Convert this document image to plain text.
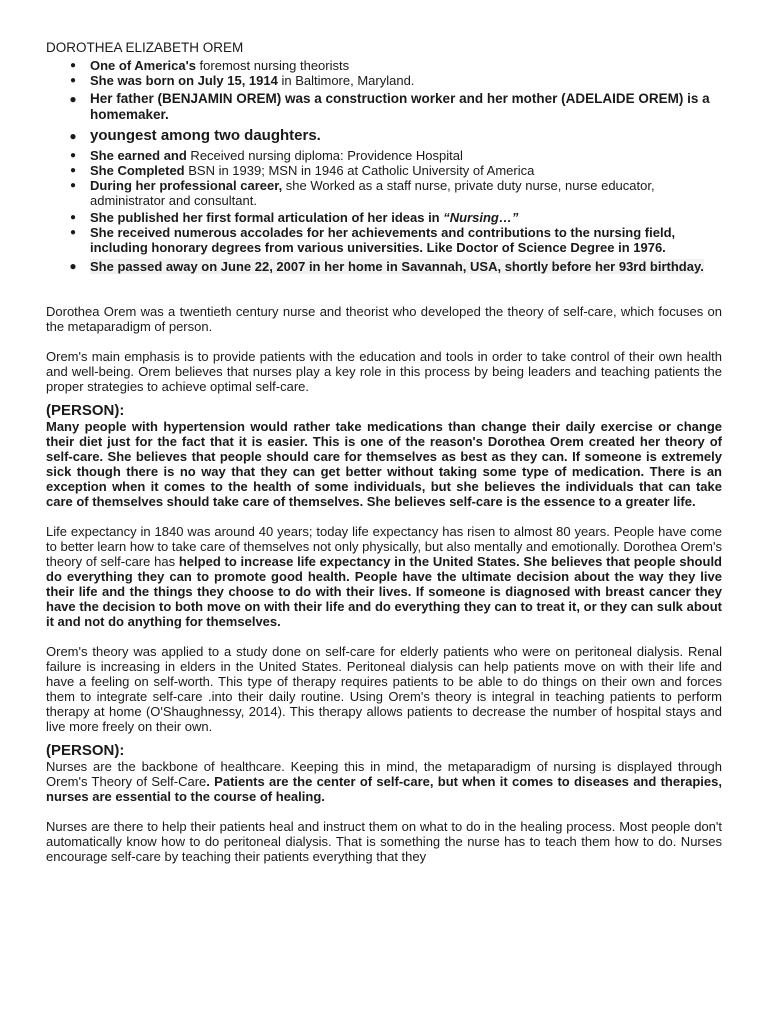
DOROTHEA ELIZABETH OREM
●	One of America's foremost nursing theorists
●	She was born on July 15, 1914 in Baltimore, Maryland.
● Her father (BENJAMIN OREM) was a construction worker and her mother (ADELAIDE OREM) is a homemaker.
● youngest among two daughters.
●	She earned and Received nursing diploma: Providence Hospital
●	She Completed BSN in 1939; MSN in 1946 at Catholic University of America
●	During her professional career, she Worked as a staff nurse, private duty nurse, nurse educator, administrator and consultant.
●	She published her first formal articulation of her ideas in “Nursing…”
●	She received numerous accolades for her achievements and contributions to the nursing field, including honorary degrees from various universities. Like Doctor of Science Degree in 1976.
● She passed away on June 22, 2007 in her home in Savannah, USA, shortly before her 93rd birthday.

Dorothea Orem was a twentieth century nurse and theorist who developed the theory of self-care, which focuses on the metaparadigm of person.

Orem's main emphasis is to provide patients with the education and tools in order to take control of their own health and well-being. Orem believes that nurses play a key role in this process by being leaders and teaching patients the proper strategies to achieve optimal self-care.

(PERSON):

Many people with hypertension would rather take medications than change their daily exercise or change their diet just for the fact that it is easier. This is one of the reason's Dorothea Orem created her theory of self-care. She believes that people should care for themselves as best as they can. If someone is extremely sick though there is no way that they can get better without taking some type of medication. There is an exception when it comes to the health of some individuals, but she believes the individuals that can take care of themselves should take care of themselves. She believes self-care is the essence to a greater life.

Life expectancy in 1840 was around 40 years; today life expectancy has risen to almost 80 years. People have come to better learn how to take care of themselves not only physically, but also mentally and emotionally. Dorothea Orem's theory of self-care has helped to increase life expectancy in the United States. She believes that people should do everything they can to promote good health. People have the ultimate decision about the way they live their life and the things they choose to do with their lives. If someone is diagnosed with breast cancer they have the decision to both move on with their life and do everything they can to treat it, or they can sulk about it and not do anything for themselves.

Orem's theory was applied to a study done on self-care for elderly patients who were on peritoneal dialysis. Renal failure is increasing in elders in the United States. Peritoneal dialysis can help patients move on with their life and have a feeling on self-worth. This type of therapy requires patients to be able to do things on their own and forces them to integrate self-care .into their daily routine. Using Orem's theory is integral in teaching patients to perform therapy at home (O'Shaughnessy, 2014). This therapy allows patients to decrease the number of hospital stays and live more freely on their own.

(PERSON):

Nurses are the backbone of healthcare. Keeping this in mind, the metaparadigm of nursing is displayed through Orem's Theory of Self-Care. Patients are the center of self-care, but when it comes to diseases and therapies, nurses are essential to the course of healing.

Nurses are there to help their patients heal and instruct them on what to do in the healing process. Most people don't automatically know how to do peritoneal dialysis. That is something the nurse has to teach them how to do. Nurses encourage self-care by teaching their patients everything that they
